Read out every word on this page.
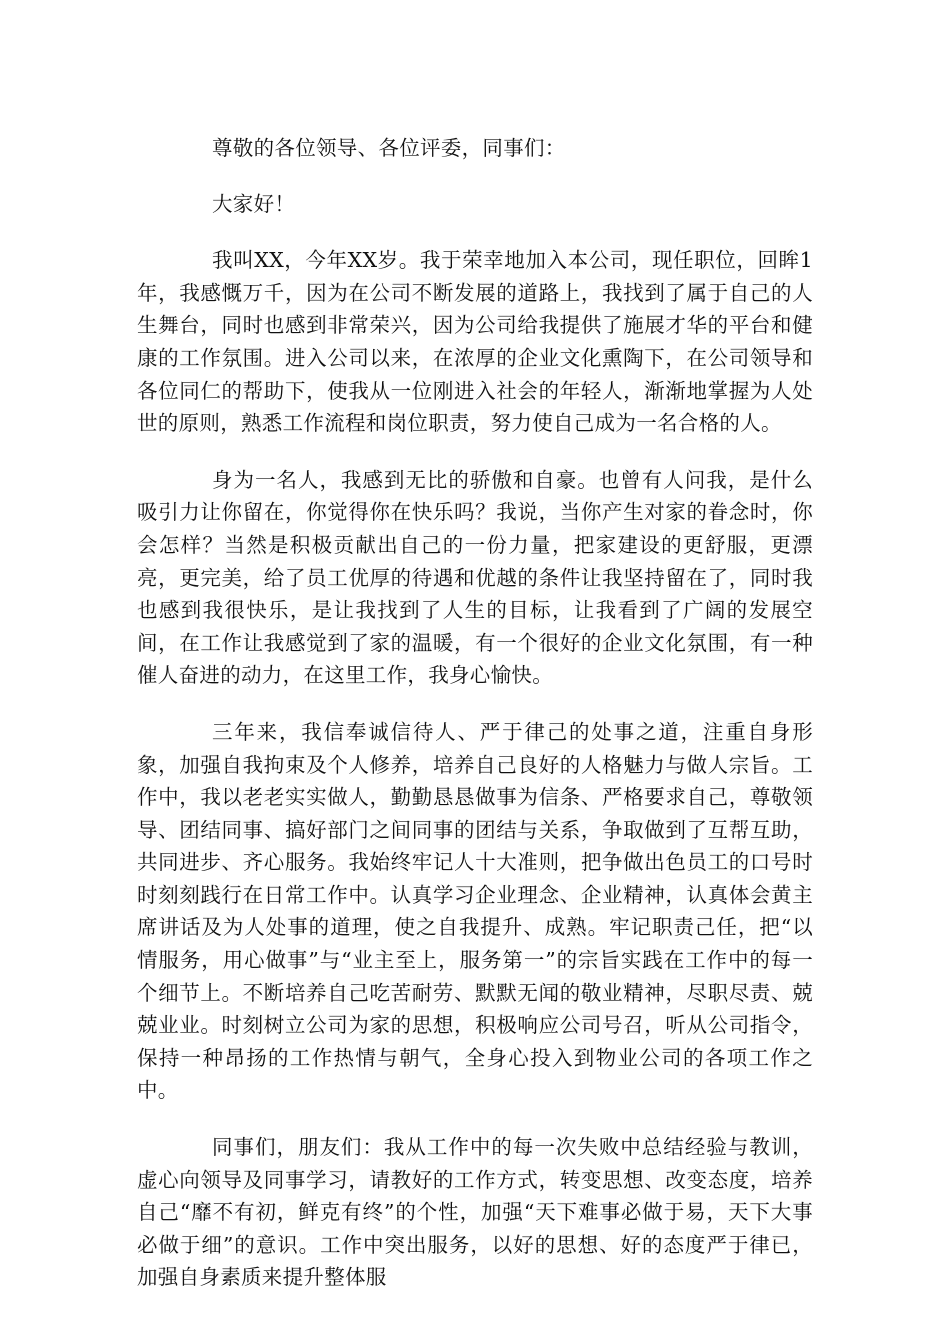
尊敬的各位领导、各位评委，同事们：

大家好！

我叫XX，今年XX岁。我于荣幸地加入本公司，现任职位，回眸1年，我感慨万千，因为在公司不断发展的道路上，我找到了属于自己的人生舞台，同时也感到非常荣兴，因为公司给我提供了施展才华的平台和健康的工作氛围。进入公司以来，在浓厚的企业文化熏陶下，在公司领导和各位同仁的帮助下，使我从一位刚进入社会的年轻人，渐渐地掌握为人处世的原则，熟悉工作流程和岗位职责，努力使自己成为一名合格的人。

身为一名人，我感到无比的骄傲和自豪。也曾有人问我，是什么吸引力让你留在，你觉得你在快乐吗？我说，当你产生对家的眷念时，你会怎样？当然是积极贡献出自己的一份力量，把家建设的更舒服，更漂亮，更完美，给了员工优厚的待遇和优越的条件让我坚持留在了，同时我也感到我很快乐，是让我找到了人生的目标，让我看到了广阔的发展空间，在工作让我感觉到了家的温暖，有一个很好的企业文化氛围，有一种催人奋进的动力，在这里工作，我身心愉快。

三年来，我信奉诚信待人、严于律己的处事之道，注重自身形象，加强自我拘束及个人修养，培养自己良好的人格魅力与做人宗旨。工作中，我以老老实实做人，勤勤恳恳做事为信条、严格要求自己，尊敬领导、团结同事、搞好部门之间同事的团结与关系，争取做到了互帮互助，共同进步、齐心服务。我始终牢记人十大准则，把争做出色员工的口号时时刻刻践行在日常工作中。认真学习企业理念、企业精神，认真体会黄主席讲话及为人处事的道理，使之自我提升、成熟。牢记职责己任，把“以情服务，用心做事”与“业主至上，服务第一”的宗旨实践在工作中的每一个细节上。不断培养自己吃苦耐劳、默默无闻的敬业精神，尽职尽责、兢兢业业。时刻树立公司为家的思想，积极响应公司号召，听从公司指令，保持一种昂扬的工作热情与朝气，全身心投入到物业公司的各项工作之中。

同事们，朋友们：我从工作中的每一次失败中总结经验与教训，虚心向领导及同事学习，请教好的工作方式，转变思想、改变态度，培养自己“靡不有初，鲜克有终”的个性，加强“天下难事必做于易，天下大事必做于细”的意识。工作中突出服务，以好的思想、好的态度严于律已，加强自身素质来提升整体服
